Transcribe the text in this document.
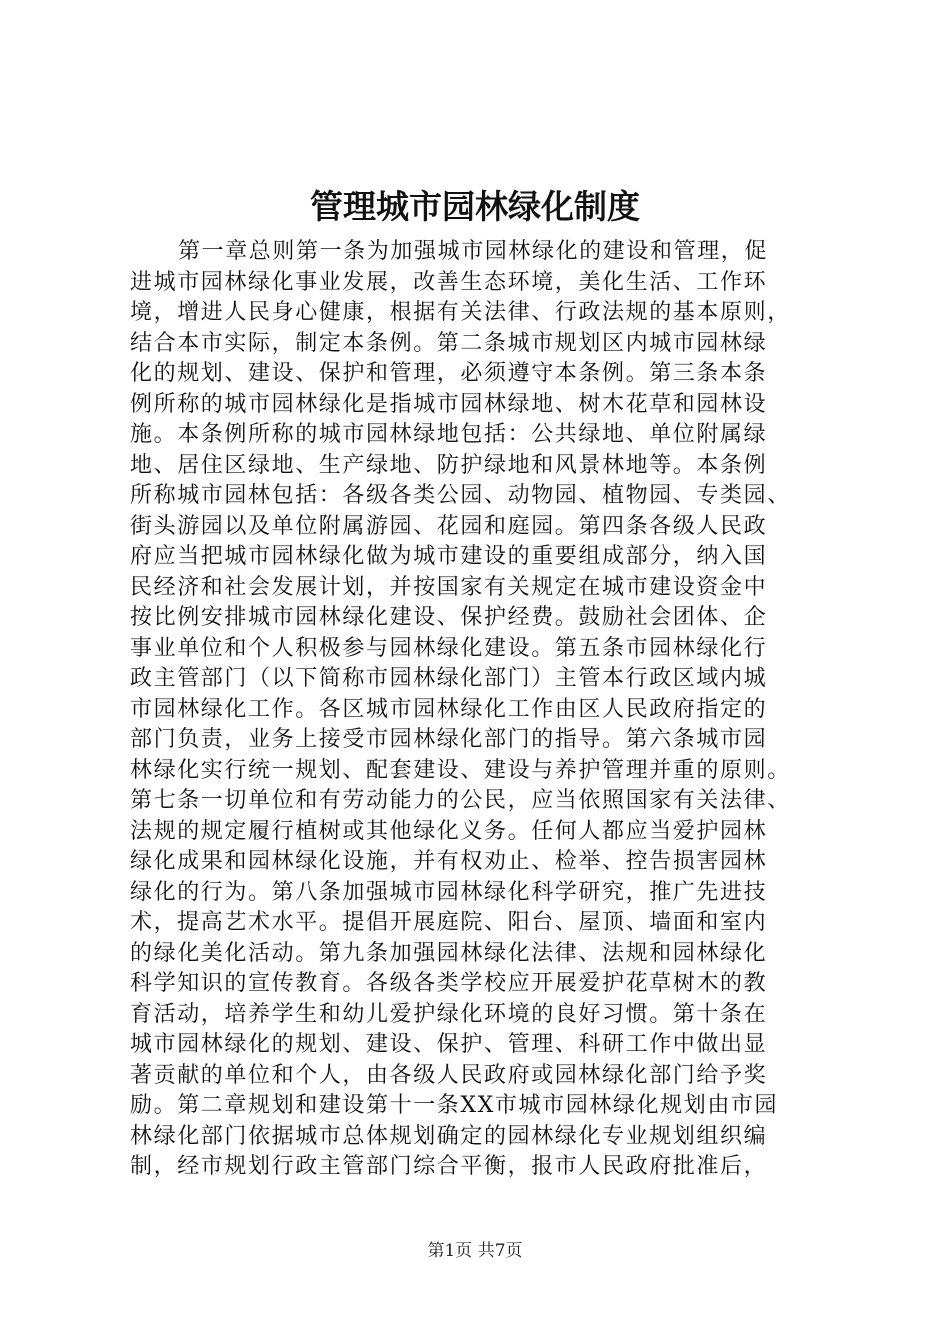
管理城市园林绿化制度
第一章总则第一条为加强城市园林绿化的建设和管理，促
进城市园林绿化事业发展，改善生态环境，美化生活、工作环
境，增进人民身心健康，根据有关法律、行政法规的基本原则，
结合本市实际，制定本条例。第二条城市规划区内城市园林绿
化的规划、建设、保护和管理，必须遵守本条例。第三条本条
例所称的城市园林绿化是指城市园林绿地、树木花草和园林设
施。本条例所称的城市园林绿地包括：公共绿地、单位附属绿
地、居住区绿地、生产绿地、防护绿地和风景林地等。本条例
所称城市园林包括：各级各类公园、动物园、植物园、专类园、
街头游园以及单位附属游园、花园和庭园。第四条各级人民政
府应当把城市园林绿化做为城市建设的重要组成部分，纳入国
民经济和社会发展计划，并按国家有关规定在城市建设资金中
按比例安排城市园林绿化建设、保护经费。鼓励社会团体、企
事业单位和个人积极参与园林绿化建设。第五条市园林绿化行
政主管部门（以下简称市园林绿化部门）主管本行政区域内城
市园林绿化工作。各区城市园林绿化工作由区人民政府指定的
部门负责，业务上接受市园林绿化部门的指导。第六条城市园
林绿化实行统一规划、配套建设、建设与养护管理并重的原则。
第七条一切单位和有劳动能力的公民，应当依照国家有关法律、
法规的规定履行植树或其他绿化义务。任何人都应当爱护园林
绿化成果和园林绿化设施，并有权劝止、检举、控告损害园林
绿化的行为。第八条加强城市园林绿化科学研究，推广先进技
术，提高艺术水平。提倡开展庭院、阳台、屋顶、墙面和室内
的绿化美化活动。第九条加强园林绿化法律、法规和园林绿化
科学知识的宣传教育。各级各类学校应开展爱护花草树木的教
育活动，培养学生和幼儿爱护绿化环境的良好习惯。第十条在
城市园林绿化的规划、建设、保护、管理、科研工作中做出显
著贡献的单位和个人，由各级人民政府或园林绿化部门给予奖
励。第二章规划和建设第十一条XX市城市园林绿化规划由市园
林绿化部门依据城市总体规划确定的园林绿化专业规划组织编
制，经市规划行政主管部门综合平衡，报市人民政府批准后，
第1页 共7页
